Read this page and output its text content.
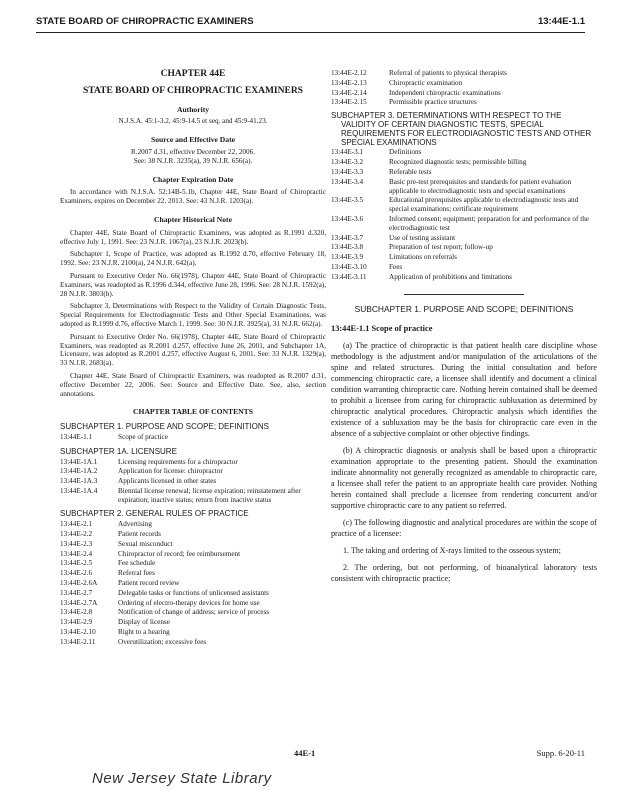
STATE BOARD OF CHIROPRACTIC EXAMINERS	13:44E-1.1
CHAPTER 44E
STATE BOARD OF CHIROPRACTIC EXAMINERS
Authority
N.J.S.A. 45:1-3.2, 45:9-14.5 et seq. and 45:9-41.23.
Source and Effective Date
R.2007 d.31, effective December 22, 2006.
See: 38 N.J.R. 3235(a), 39 N.J.R. 656(a).
Chapter Expiration Date
In accordance with N.J.S.A. 52:14B-5.1b, Chapter 44E, State Board of Chiropractic Examiners, expires on December 22, 2013. See: 43 N.J.R. 1203(a).
Chapter Historical Note
Chapter 44E, State Board of Chiropractic Examiners, was adopted as R.1991 d.320, effective July 1, 1991. See: 23 N.J.R. 1067(a), 23 N.J.R. 2023(b).
Subchapter 1, Scope of Practice, was adopted as R.1992 d.70, effective February 18, 1992. See: 23 N.J.R. 2100(a), 24 N.J.R. 642(a).
Pursuant to Executive Order No. 66(1978), Chapter 44E, State Board of Chiropractic Examiners, was readopted as R.1996 d.344, effective June 28, 1996. See: 28 N.J.R. 1592(a), 28 N.J.R. 3803(b).
Subchapter 3, Determinations with Respect to the Validity of Certain Diagnostic Tests, Special Requirements for Electrodiagnostic Tests and Other Special Examinations, was adopted as R.1999 d.76, effective March 1, 1999. See: 30 N.J.R. 3925(a), 31 N.J.R. 662(a).
Pursuant to Executive Order No. 66(1978), Chapter 44E, State Board of Chiropractic Examiners, was readopted as R.2001 d.257, effective June 26, 2001, and Subchapter 1A, Licensure, was adopted as R.2001 d.257, effective August 6, 2001. See: 33 N.J.R. 1329(a), 33 N.J.R. 2683(a).
Chapter 44E, State Board of Chiropractic Examiners, was readopted as R.2007 d.31, effective December 22, 2006. See: Source and Effective Date. See, also, section annotations.
CHAPTER TABLE OF CONTENTS
SUBCHAPTER 1. PURPOSE AND SCOPE; DEFINITIONS
13:44E-1.1	Scope of practice
SUBCHAPTER 1A. LICENSURE
13:44E-1A.1	Licensing requirements for a chiropractor
13:44E-1A.2	Application for license: chiropractor
13:44E-1A.3	Applicants licensed in other states
13:44E-1A.4	Biennial license renewal; license expiration; reinstatement after expiration; inactive status; return from inactive status
SUBCHAPTER 2. GENERAL RULES OF PRACTICE
13:44E-2.1	Advertising
13:44E-2.2	Patient records
13:44E-2.3	Sexual misconduct
13:44E-2.4	Chiropractor of record; fee reimbursement
13:44E-2.5	Fee schedule
13:44E-2.6	Referral fees
13:44E-2.6A	Patient record review
13:44E-2.7	Delegable tasks or functions of unlicensed assistants
13:44E-2.7A	Ordering of electro-therapy devices for home use
13:44E-2.8	Notification of change of address; service of process
13:44E-2.9	Display of license
13:44E-2.10	Right to a hearing
13:44E-2.11	Overutilization; excessive fees
13:44E-2.12	Referral of patients to physical therapists
13:44E-2.13	Chiropractic examination
13:44E-2.14	Independent chiropractic examinations
13:44E-2.15	Permissible practice structures
SUBCHAPTER 3. DETERMINATIONS WITH RESPECT TO THE VALIDITY OF CERTAIN DIAGNOSTIC TESTS, SPECIAL REQUIREMENTS FOR ELECTRODIAGNOSTIC TESTS AND OTHER SPECIAL EXAMINATIONS
13:44E-3.1	Definitions
13:44E-3.2	Recognized diagnostic tests; permissible billing
13:44E-3.3	Referable tests
13:44E-3.4	Basic pre-test prerequisites and standards for patient evaluation applicable to electrodiagnostic tests and special examinations
13:44E-3.5	Educational prerequisites applicable to electrodiagnostic tests and special examinations; certificate requirement
13:44E-3.6	Informed consent; equipment; preparation for and performance of the electrodiagnostic test
13:44E-3.7	Use of testing assistant
13:44E-3.8	Preparation of test report; follow-up
13:44E-3.9	Limitations on referrals
13:44E-3.10	Fees
13:44E-3.11	Application of prohibitions and limitations
SUBCHAPTER 1. PURPOSE AND SCOPE; DEFINITIONS
13:44E-1.1 Scope of practice
(a) The practice of chiropractic is that patient health care discipline whose methodology is the adjustment and/or manipulation of the articulations of the spine and related structures. During the initial consultation and before commencing chiropractic care, a licensee shall identify and document a clinical condition warranting chiropractic care. Nothing herein contained shall be deemed to prohibit a licensee from caring for chiropractic subluxation as determined by chiropractic analytical procedures. Chiropractic analysis which identifies the existence of a subluxation may be the basis for chiropractic care even in the absence of a subjective complaint or other objective findings.
(b) A chiropractic diagnosis or analysis shall be based upon a chiropractic examination appropriate to the presenting patient. Should the examination indicate abnormality not generally recognized as amendable to chiropractic care, a licensee shall refer the patient to an appropriate health care provider. Nothing herein contained shall preclude a licensee from rendering concurrent and/or supportive chiropractic care to any patient so referred.
(c) The following diagnostic and analytical procedures are within the scope of practice of a licensee:
1. The taking and ordering of X-rays limited to the osseous system;
2. The ordering, but not performing, of bioanalytical laboratory tests consistent with chiropractic practice;
44E-1	Supp. 6-20-11
New Jersey State Library
